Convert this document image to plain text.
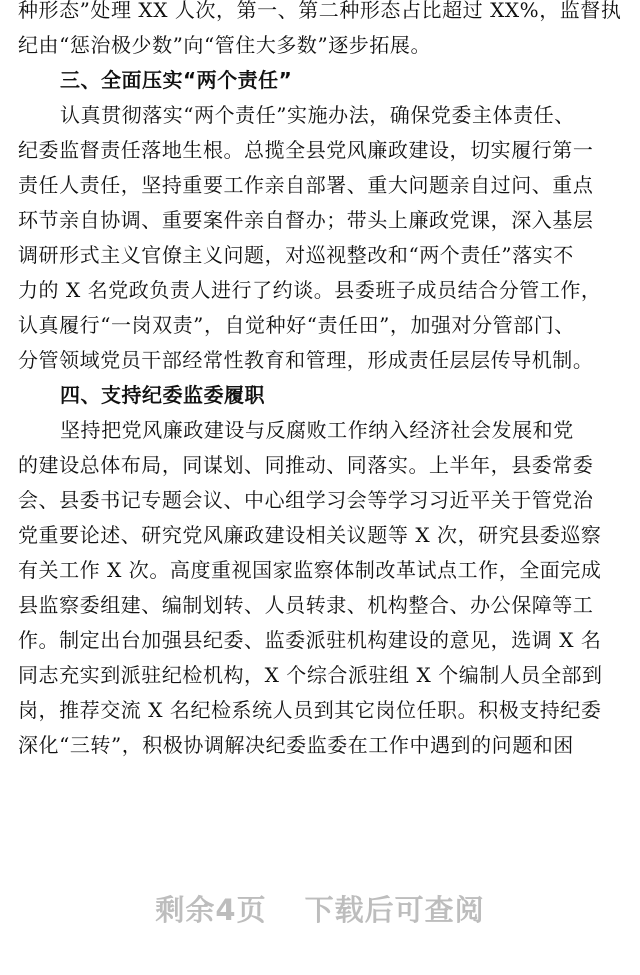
种形态”处理 XX 人次，第一、第二种形态占比超过 XX%，监督执
纪由“惩治极少数”向“管住大多数”逐步拓展。
三、全面压实“两个责任”
认真贯彻落实“两个责任”实施办法，确保党委主体责任、
纪委监督责任落地生根。总揽全县党风廉政建设，切实履行第一
责任人责任，坚持重要工作亲自部署、重大问题亲自过问、重点
环节亲自协调、重要案件亲自督办；带头上廉政党课，深入基层
调研形式主义官僚主义问题，对巡视整改和“两个责任”落实不
力的 X 名党政负责人进行了约谈。县委班子成员结合分管工作，
认真履行“一岗双责”，自觉种好“责任田”，加强对分管部门、
分管领域党员干部经常性教育和管理，形成责任层层传导机制。
四、支持纪委监委履职
坚持把党风廉政建设与反腐败工作纳入经济社会发展和党
的建设总体布局，同谋划、同推动、同落实。上半年，县委常委
会、县委书记专题会议、中心组学习会等学习习近平关于管党治
党重要论述、研究党风廉政建设相关议题等 X 次，研究县委巡察
有关工作 X 次。高度重视国家监察体制改革试点工作，全面完成
县监察委组建、编制划转、人员转隶、机构整合、办公保障等工
作。制定出台加强县纪委、监委派驻机构建设的意见，选调 X 名
同志充实到派驻纪检机构，X 个综合派驻组 X 个编制人员全部到
岗，推荐交流 X 名纪检系统人员到其它岗位任职。积极支持纪委
深化“三转”，积极协调解决纪委监委在工作中遇到的问题和困
剩余4页 下载后可查阅
